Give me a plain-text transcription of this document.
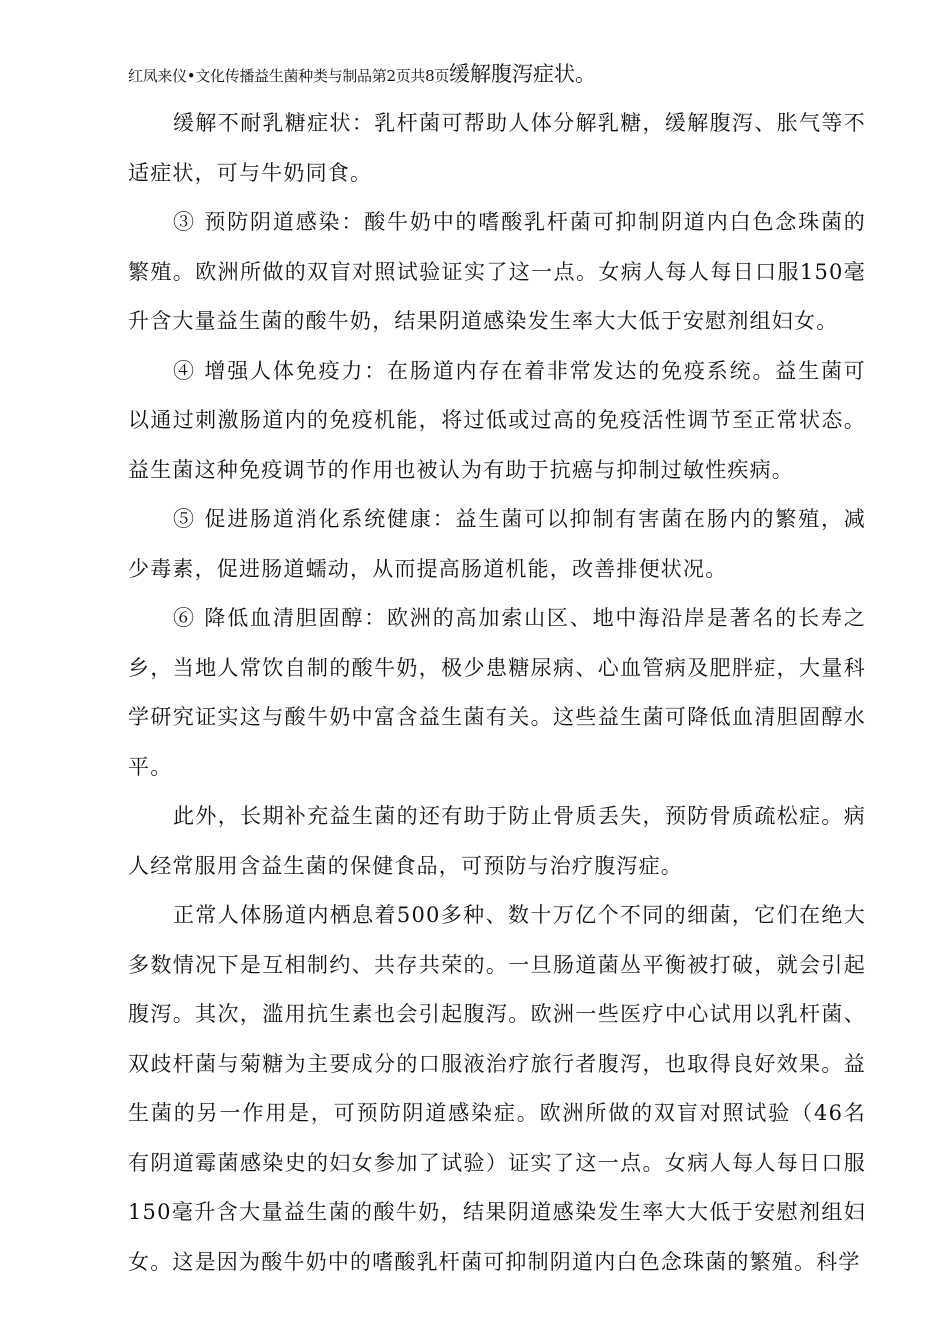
红凤来仪•文化传播益生菌种类与制品第2页共8页缓解腹泻症状。

缓解不耐乳糖症状：乳杆菌可帮助人体分解乳糖，缓解腹泻、胀气等不适症状，可与牛奶同食。

③ 预防阴道感染：酸牛奶中的嗜酸乳杆菌可抑制阴道内白色念珠菌的繁殖。欧洲所做的双盲对照试验证实了这一点。女病人每人每日口服150毫升含大量益生菌的酸牛奶，结果阴道感染发生率大大低于安慰剂组妇女。

④ 增强人体免疫力：在肠道内存在着非常发达的免疫系统。益生菌可以通过刺激肠道内的免疫机能，将过低或过高的免疫活性调节至正常状态。益生菌这种免疫调节的作用也被认为有助于抗癌与抑制过敏性疾病。

⑤ 促进肠道消化系统健康：益生菌可以抑制有害菌在肠内的繁殖，减少毒素，促进肠道蠕动，从而提高肠道机能，改善排便状况。

⑥ 降低血清胆固醇：欧洲的高加索山区、地中海沿岸是著名的长寿之乡，当地人常饮自制的酸牛奶，极少患糖尿病、心血管病及肥胖症，大量科学研究证实这与酸牛奶中富含益生菌有关。这些益生菌可降低血清胆固醇水平。

此外，长期补充益生菌的还有助于防止骨质丢失，预防骨质疏松症。病人经常服用含益生菌的保健食品，可预防与治疗腹泻症。

正常人体肠道内栖息着500多种、数十万亿个不同的细菌，它们在绝大多数情况下是互相制约、共存共荣的。一旦肠道菌丛平衡被打破，就会引起腹泻。其次，滥用抗生素也会引起腹泻。欧洲一些医疗中心试用以乳杆菌、双歧杆菌与菊糖为主要成分的口服液治疗旅行者腹泻，也取得良好效果。益生菌的另一作用是，可预防阴道感染症。欧洲所做的双盲对照试验（46名有阴道霉菌感染史的妇女参加了试验）证实了这一点。女病人每人每日口服150毫升含大量益生菌的酸牛奶，结果阴道感染发生率大大低于安慰剂组妇女。这是因为酸牛奶中的嗜酸乳杆菌可抑制阴道内白色念珠菌的繁殖。科学
